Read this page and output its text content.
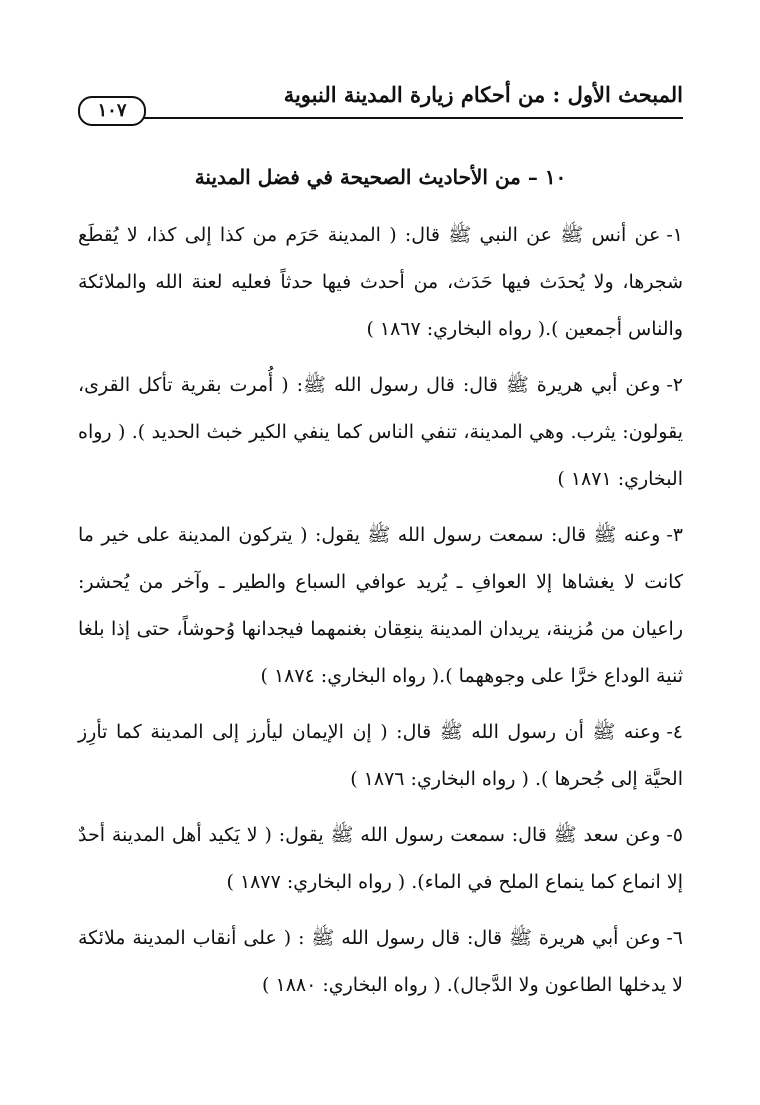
المبحث الأول : من أحكام زيارة المدينة النبوية
١٠٧
١٠ – من الأحاديث الصحيحة في فضل المدينة

١-عن أنس ﷺ عن النبي ﷺ قال: ( المدينة حَرَم من كذا إلى كذا، لا يُقطَع شجرها، ولا يُحدَث فيها حَدَث، من أحدث فيها حدثاً فعليه لعنة الله والملائكة والناس أجمعين ).( رواه البخاري: ١٨٦٧ )

٢-وعن أبي هريرة ﷺ قال: قال رسول الله ﷺ: ( أُمرت بقرية تأكل القرى، يقولون: يثرب. وهي المدينة، تنفي الناس كما ينفي الكير خبث الحديد ). ( رواه البخاري: ١٨٧١ )

٣-وعنه ﷺ قال: سمعت رسول الله ﷺ يقول: ( يتركون المدينة على خير ما كانت لا يغشاها إلا العوافِ ـ يُريد عوافي السباع والطير ـ وآخر من يُحشر: راعيان من مُزينة، يريدان المدينة ينعِقان بغنمهما فيجدانها وُحوشاً، حتى إذا بلغا ثنية الوداع خرَّا على وجوههما ).( رواه البخاري: ١٨٧٤ )

٤-وعنه ﷺ أن رسول الله ﷺ قال: ( إن الإيمان ليأرز إلى المدينة كما تأرِز الحيَّة إلى جُحرها ). ( رواه البخاري: ١٨٧٦ )

٥-وعن سعد ﷺ قال: سمعت رسول الله ﷺ يقول: ( لا يَكيد أهل المدينة أحدٌ إلا انماع كما ينماع الملح في الماء). ( رواه البخاري: ١٨٧٧ )

٦-وعن أبي هريرة ﷺ قال: قال رسول الله ﷺ : ( على أنقاب المدينة ملائكة لا يدخلها الطاعون ولا الدَّجال). ( رواه البخاري: ١٨٨٠ )
